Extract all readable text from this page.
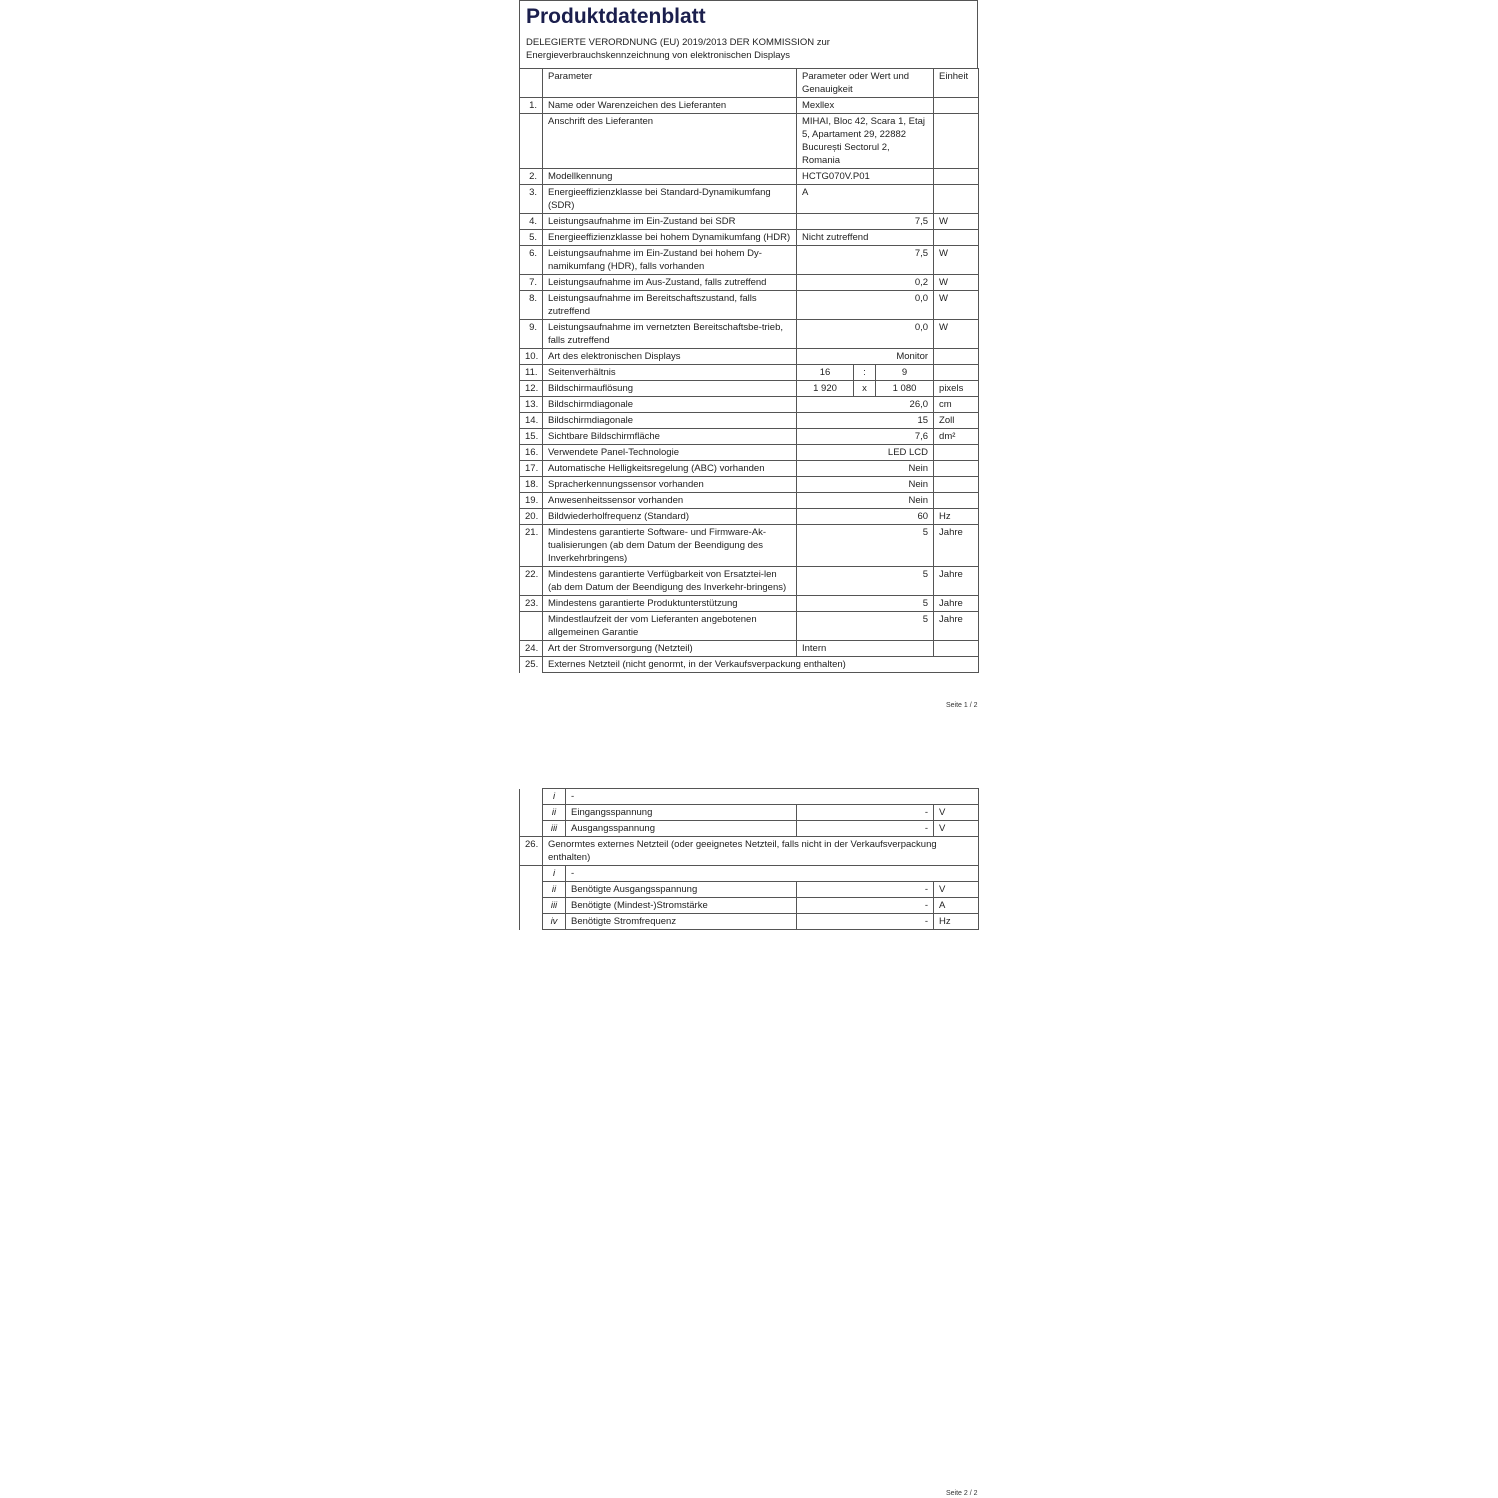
Produktdatenblatt
DELEGIERTE VERORDNUNG (EU) 2019/2013 DER KOMMISSION zur
Energieverbrauchskennzeichnung von elektronischen Displays
	Parameter	Parameter oder Wert und Genauigkeit			Einheit
1.	Name oder Warenzeichen des Lieferanten	Mexllex			
	Anschrift des Lieferanten	MIHAI, Bloc 42, Scara 1, Etaj 5, Apartament 29, 22882 București Sectorul 2, Romania			
2.	Modellkennung	HCTG070V.P01			
3.	Energieeffizienzklasse bei Standard-Dynamikumfang (SDR)	A			
4.	Leistungsaufnahme im Ein-Zustand bei SDR	7,5			W
5.	Energieeffizienzklasse bei hohem Dynamikumfang (HDR)	Nicht zutreffend			
6.	Leistungsaufnahme im Ein-Zustand bei hohem Dy-namikumfang (HDR), falls vorhanden	7,5			W
7.	Leistungsaufnahme im Aus-Zustand, falls zutreffend	0,2			W
8.	Leistungsaufnahme im Bereitschaftszustand, falls zutreffend	0,0			W
9.	Leistungsaufnahme im vernetzten Bereitschaftsbe-trieb, falls zutreffend	0,0			W
10.	Art des elektronischen Displays	Monitor			
11.	Seitenverhältnis	16	:	9	
12.	Bildschirmauflösung	1 920	x	1 080	pixels
13.	Bildschirmdiagonale	26,0			cm
14.	Bildschirmdiagonale	15			Zoll
15.	Sichtbare Bildschirmfläche	7,6			dm²
16.	Verwendete Panel-Technologie	LED LCD			
17.	Automatische Helligkeitsregelung (ABC) vorhanden	Nein			
18.	Spracherkennungssensor vorhanden	Nein			
19.	Anwesenheitssensor vorhanden	Nein			
20.	Bildwiederholfrequenz (Standard)	60			Hz
21.	Mindestens garantierte Software- und Firmware-Ak-tualisierungen (ab dem Datum der Beendigung des Inverkehrbringens)	5			Jahre
22.	Mindestens garantierte Verfügbarkeit von Ersatztei-len (ab dem Datum der Beendigung des Inverkehr-bringens)	5			Jahre
23.	Mindestens garantierte Produktunterstützung	5			Jahre
	Mindestlaufzeit der vom Lieferanten angebotenen allgemeinen Garantie	5			Jahre
24.	Art der Stromversorgung (Netzteil)	Intern			
25.	Externes Netzteil (nicht genormt, in der Verkaufsverpackung enthalten)				
Seite 1 / 2
	i	-		
	ii	Eingangsspannung	-	V
	iii	Ausgangsspannung	-	V
26.	Genormtes externes Netzteil (oder geeignetes Netzteil, falls nicht in der Verkaufsverpackung enthalten)			
	i	-		
	ii	Benötigte Ausgangsspannung	-	V
	iii	Benötigte (Mindest-)Stromstärke	-	A
	iv	Benötigte Stromfrequenz	-	Hz
Seite 2 / 2
